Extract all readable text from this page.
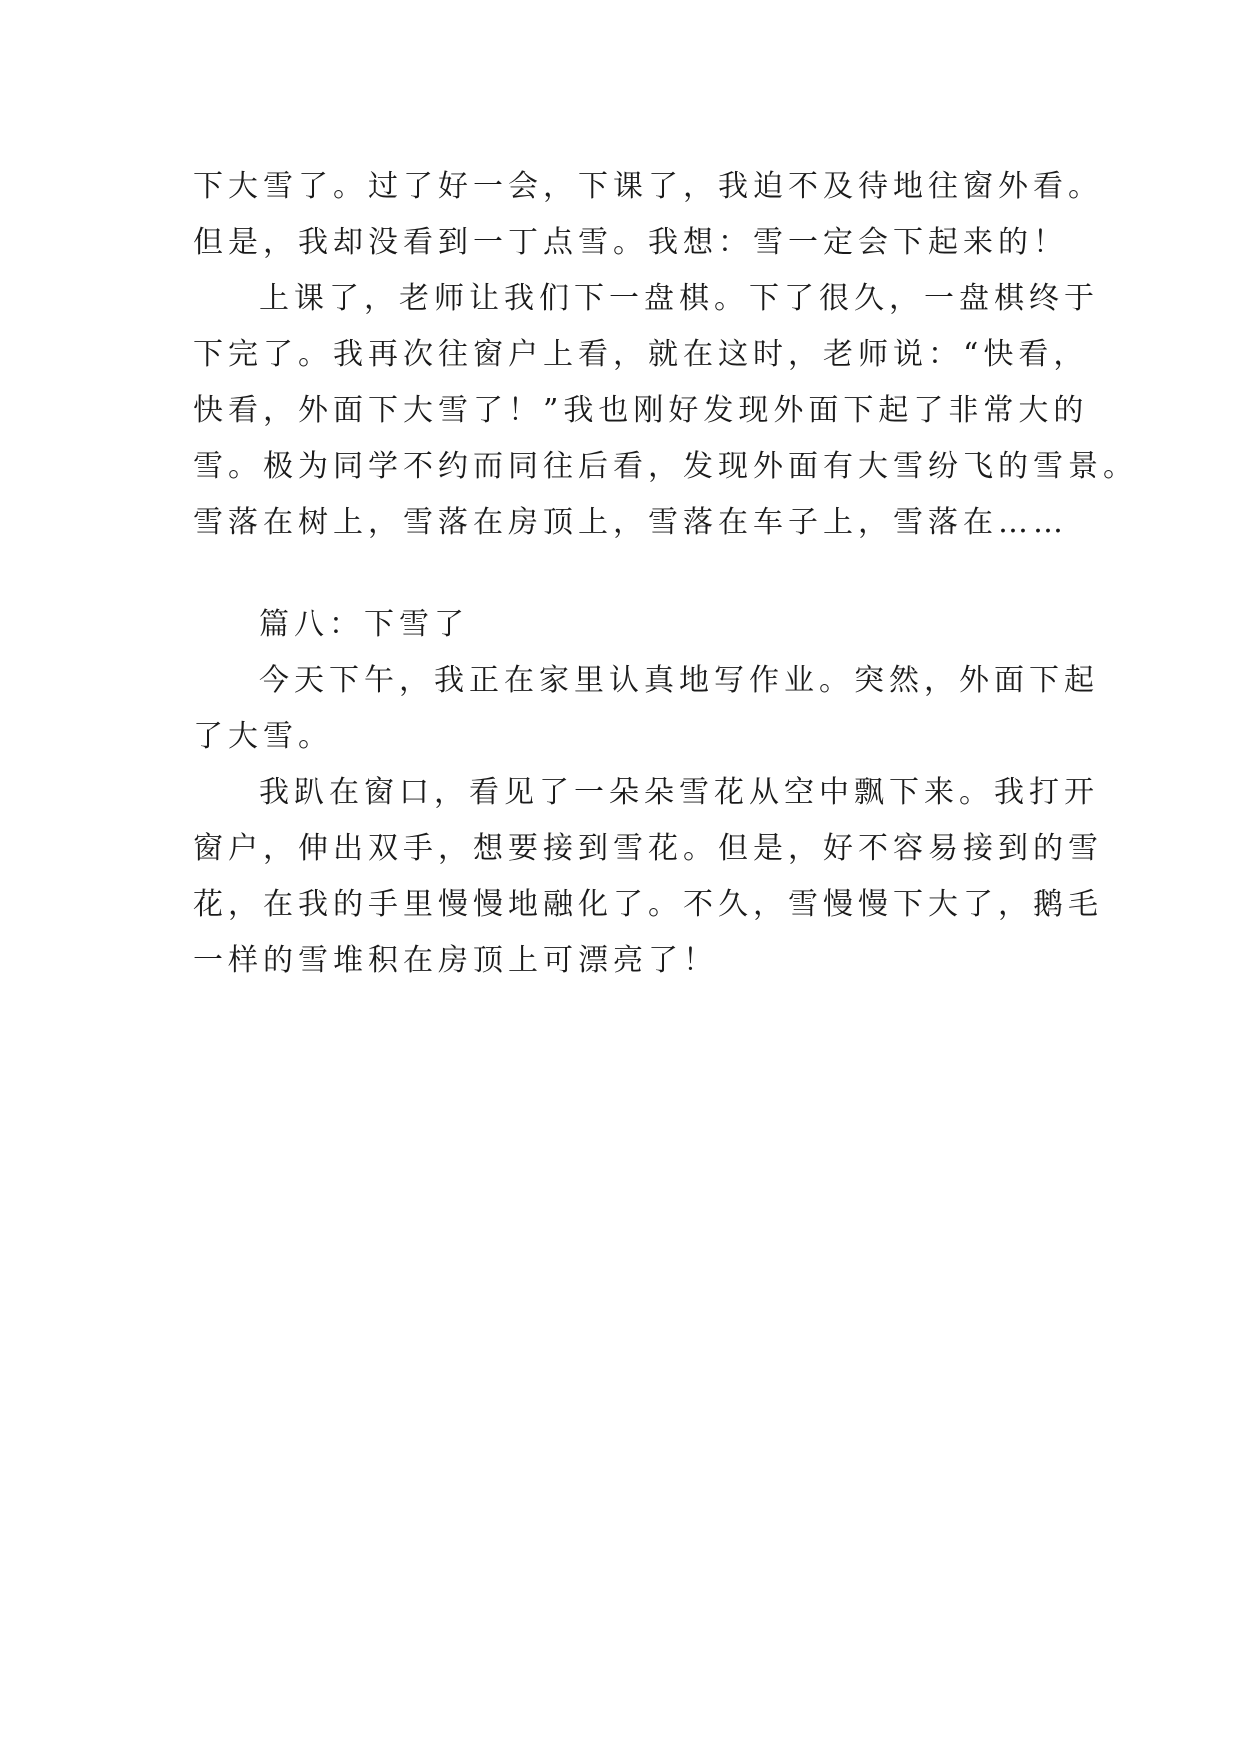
下大雪了。过了好一会，下课了，我迫不及待地往窗外看。
但是，我却没看到一丁点雪。我想：雪一定会下起来的！
上课了，老师让我们下一盘棋。下了很久，一盘棋终于
下完了。我再次往窗户上看，就在这时，老师说：“快看，
快看，外面下大雪了！”我也刚好发现外面下起了非常大的
雪。极为同学不约而同往后看，发现外面有大雪纷飞的雪景。
雪落在树上，雪落在房顶上，雪落在车子上，雪落在……
篇八：下雪了
今天下午，我正在家里认真地写作业。突然，外面下起
了大雪。
我趴在窗口，看见了一朵朵雪花从空中飘下来。我打开
窗户，伸出双手，想要接到雪花。但是，好不容易接到的雪
花，在我的手里慢慢地融化了。不久，雪慢慢下大了，鹅毛
一样的雪堆积在房顶上可漂亮了！
